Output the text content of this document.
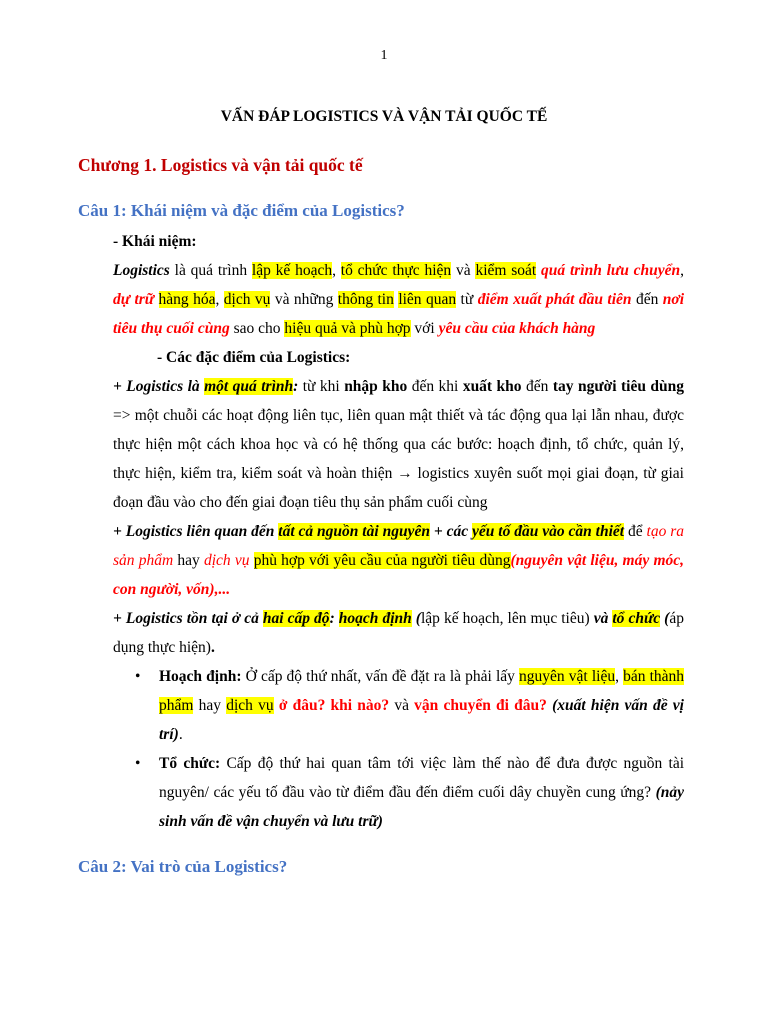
1
VẤN ĐÁP LOGISTICS VÀ VẬN TẢI QUỐC TẾ
Chương 1. Logistics và vận tải quốc tế
Câu 1: Khái niệm và đặc điểm của Logistics?

- Khái niệm:

Logistics là quá trình lập kế hoạch, tổ chức thực hiện và kiểm soát quá trình lưu chuyển, dự trữ hàng hóa, dịch vụ và những thông tin liên quan từ điểm xuất phát đầu tiên đến nơi tiêu thụ cuối cùng sao cho hiệu quả và phù hợp với yêu cầu của khách hàng

- Các đặc điểm của Logistics:

+ Logistics là một quá trình: từ khi nhập kho đến khi xuất kho đến tay người tiêu dùng => một chuỗi các hoạt động liên tục, liên quan mật thiết và tác động qua lại lẫn nhau, được thực hiện một cách khoa học và có hệ thống qua các bước: hoạch định, tổ chức, quản lý, thực hiện, kiểm tra, kiểm soát và hoàn thiện → logistics xuyên suốt mọi giai đoạn, từ giai đoạn đầu vào cho đến giai đoạn tiêu thụ sản phẩm cuối cùng

+ Logistics liên quan đến tất cả nguồn tài nguyên + các yếu tố đầu vào cần thiết để tạo ra sản phẩm hay dịch vụ phù hợp với yêu cầu của người tiêu dùng(nguyên vật liệu, máy móc, con người, vốn),...

+ Logistics tồn tại ở cả hai cấp độ: hoạch định (lập kế hoạch, lên mục tiêu) và tổ chức (áp dụng thực hiện).

• Hoạch định: Ở cấp độ thứ nhất, vấn đề đặt ra là phải lấy nguyên vật liệu, bán thành phẩm hay dịch vụ ở đâu? khi nào? và vận chuyển đi đâu? (xuất hiện vấn đề vị trí).
• Tổ chức: Cấp độ thứ hai quan tâm tới việc làm thế nào để đưa được nguồn tài nguyên/ các yếu tố đầu vào từ điểm đầu đến điểm cuối dây chuyền cung ứng? (nảy sinh vấn đề vận chuyển và lưu trữ)
Câu 2: Vai trò của Logistics?
